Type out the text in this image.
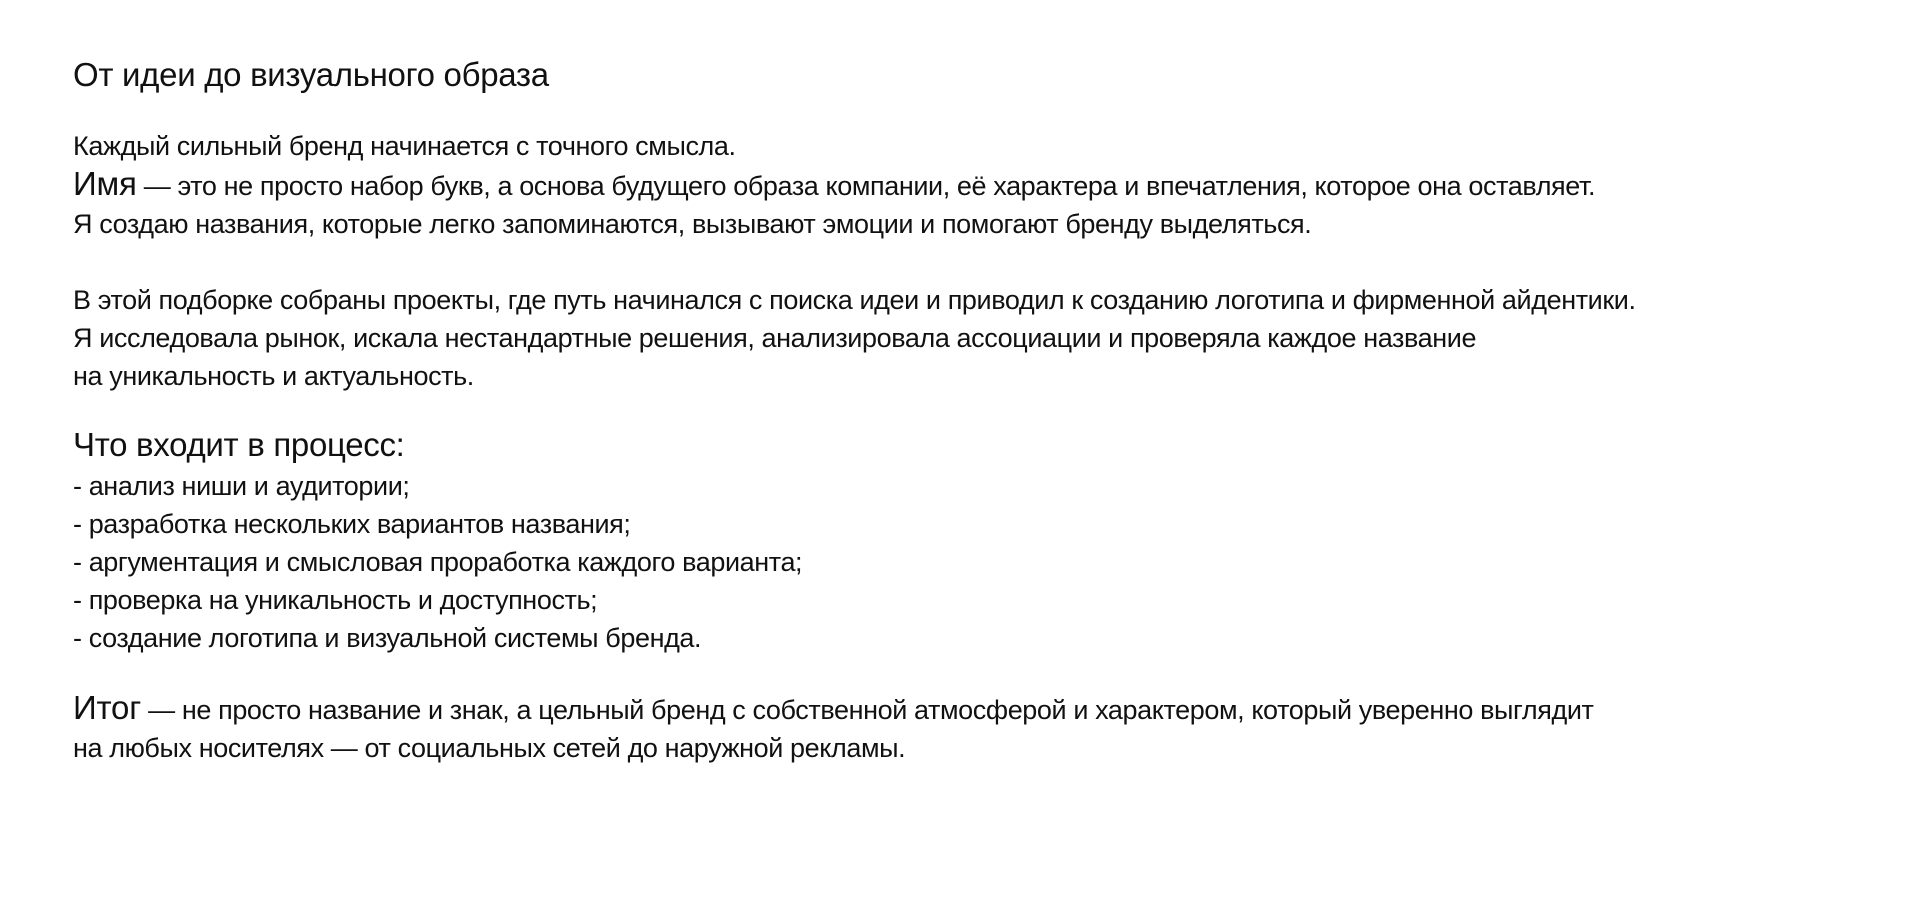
От идеи до визуального образа
Каждый сильный бренд начинается с точного смысла.
Имя — это не просто набор букв, а основа будущего образа компании, её характера и впечатления, которое она оставляет.
Я создаю названия, которые легко запоминаются, вызывают эмоции и помогают бренду выделяться.
В этой подборке собраны проекты, где путь начинался с поиска идеи и приводил к созданию логотипа и фирменной айдентики.
Я исследовала рынок, искала нестандартные решения, анализировала ассоциации и проверяла каждое название
на уникальность и актуальность.
Что входит в процесс:
- анализ ниши и аудитории;
- разработка нескольких вариантов названия;
- аргументация и смысловая проработка каждого варианта;
- проверка на уникальность и доступность;
- создание логотипа и визуальной системы бренда.
Итог — не просто название и знак, а цельный бренд с собственной атмосферой и характером, который уверенно выглядит
на любых носителях — от социальных сетей до наружной рекламы.
